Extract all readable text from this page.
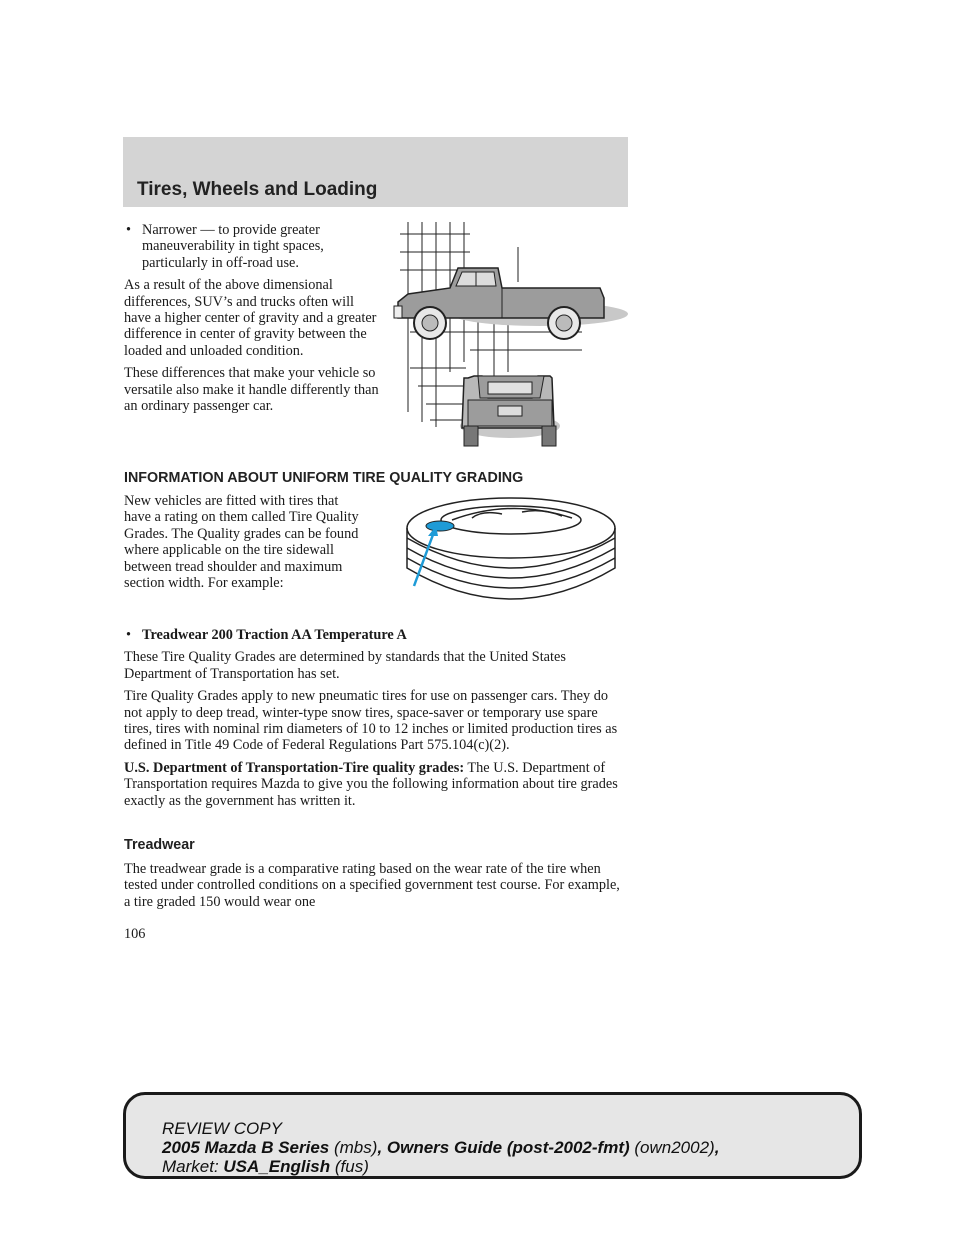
Tires, Wheels and Loading
• Narrower — to provide greater maneuverability in tight spaces, particularly in off-road use.

As a result of the above dimensional differences, SUV’s and trucks often will have a higher center of gravity and a greater difference in center of gravity between the loaded and unloaded condition.

These differences that make your vehicle so versatile also make it handle differently than an ordinary passenger car.

INFORMATION ABOUT UNIFORM TIRE QUALITY GRADING

New vehicles are fitted with tires that have a rating on them called Tire Quality Grades. The Quality grades can be found where applicable on the tire sidewall between tread shoulder and maximum section width. For example:

• Treadwear 200 Traction AA Temperature A

These Tire Quality Grades are determined by standards that the United States Department of Transportation has set.

Tire Quality Grades apply to new pneumatic tires for use on passenger cars. They do not apply to deep tread, winter-type snow tires, space-saver or temporary use spare tires, tires with nominal rim diameters of 10 to 12 inches or limited production tires as defined in Title 49 Code of Federal Regulations Part 575.104(c)(2).

U.S. Department of Transportation-Tire quality grades: The U.S. Department of Transportation requires Mazda to give you the following information about tire grades exactly as the government has written it.

Treadwear

The treadwear grade is a comparative rating based on the wear rate of the tire when tested under controlled conditions on a specified government test course. For example, a tire graded 150 would wear one

106
REVIEW COPY
2005 Mazda B Series (mbs), Owners Guide (post-2002-fmt) (own2002),
Market: USA_English (fus)
